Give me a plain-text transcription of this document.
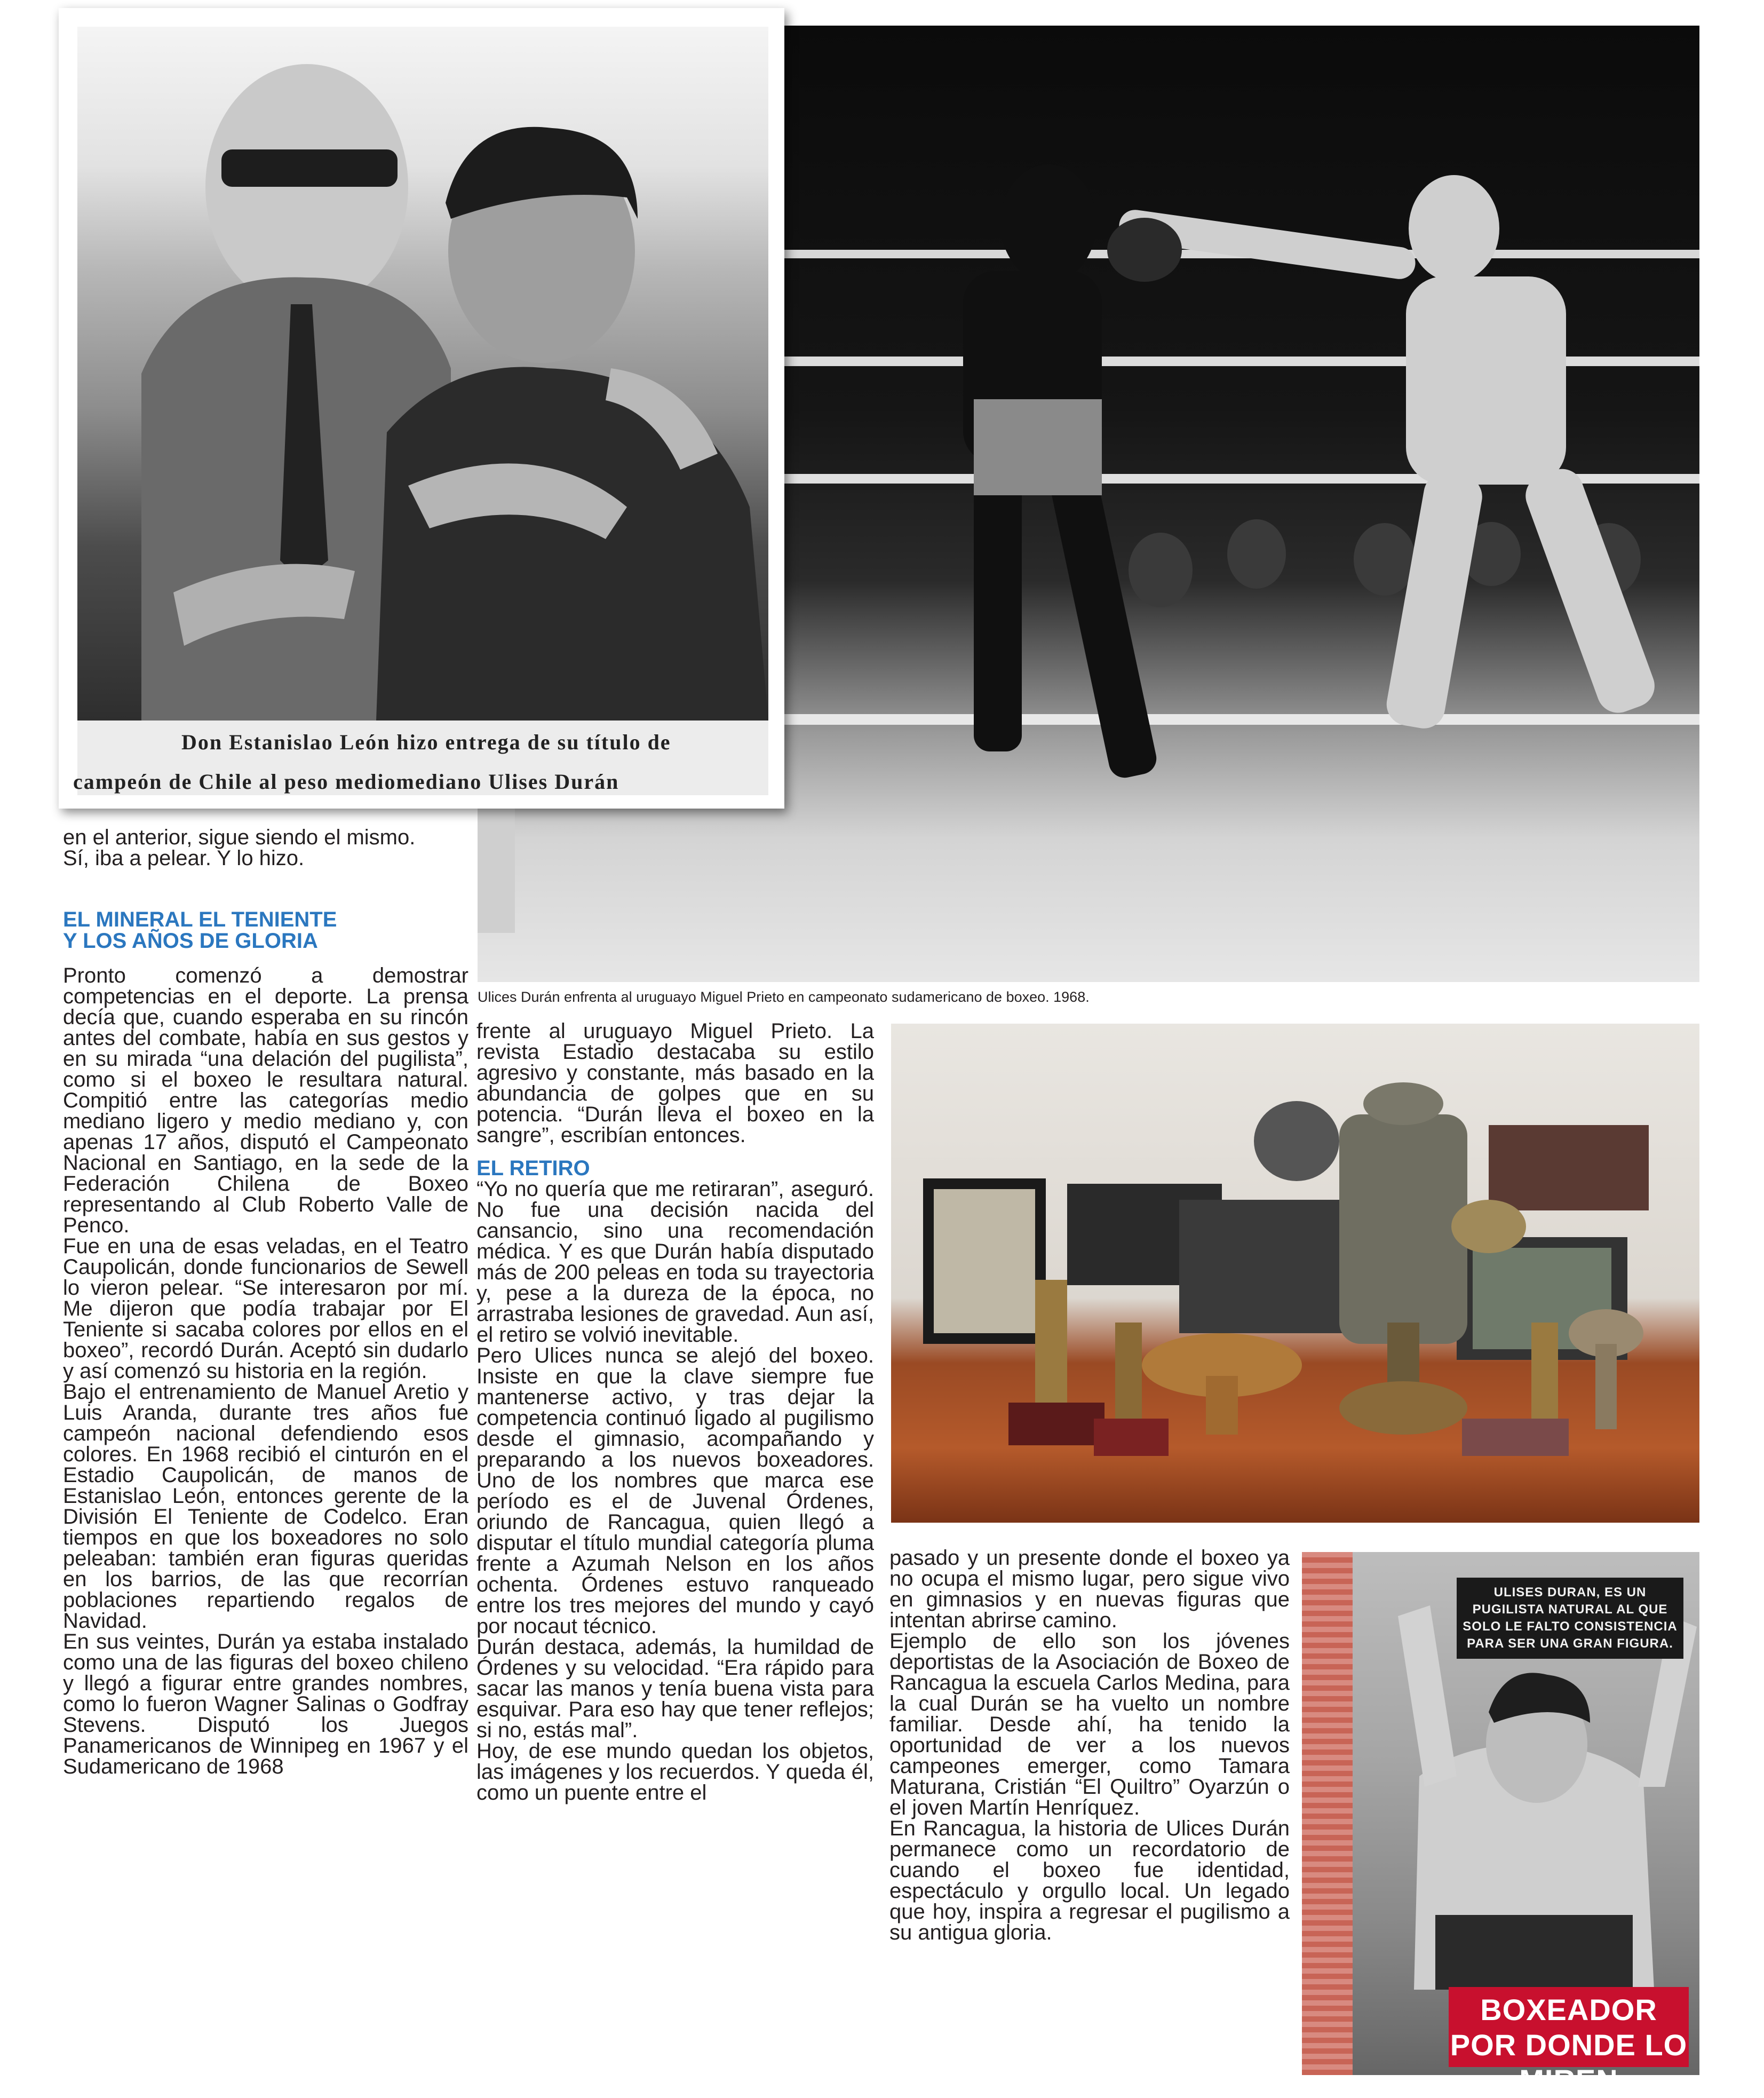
Don Estanislao León hizo entrega de su título de
campeón de Chile al peso mediomediano Ulises Durán
Ulices Durán enfrenta al uruguayo Miguel Prieto en campeonato sudamericano de boxeo. 1968.
ULISES DURAN, ES UN PUGILISTA NATURAL AL QUE SOLO LE FALTO CONSISTENCIA PARA SER UNA GRAN FIGURA.
BOXEADOR POR DONDE LO MIREN

en el anterior, sigue siendo el mismo.

Sí, iba a pelear. Y lo hizo.

EL MINERAL EL TENIENTE

Y LOS AÑOS DE GLORIA

Pronto comenzó a demostrar competencias en el deporte. La prensa decía que, cuando esperaba en su rincón antes del combate, había en sus gestos y en su mirada “una delación del pugilista”, como si el boxeo le resultara natural. Compitió entre las categorías medio mediano ligero y medio mediano y, con apenas 17 años, disputó el Campeonato Nacional en Santiago, en la sede de la Federación Chilena de Boxeo representando al Club Roberto Valle de Penco.

Fue en una de esas veladas, en el Teatro Caupolicán, donde funcionarios de Sewell lo vieron pelear. “Se interesaron por mí. Me dijeron que podía trabajar por El Teniente si sacaba colores por ellos en el boxeo”, recordó Durán. Aceptó sin dudarlo y así comenzó su historia en la región.

Bajo el entrenamiento de Manuel Aretio y Luis Aranda, durante tres años fue campeón nacional defendiendo esos colores. En 1968 recibió el cinturón en el Estadio Caupolicán, de manos de Estanislao León, entonces gerente de la División El Teniente de Codelco. Eran tiempos en que los boxeadores no solo peleaban: también eran figuras queridas en los barrios, de las que recorrían poblaciones repartiendo regalos de Navidad.

En sus veintes, Durán ya estaba instalado como una de las figuras del boxeo chileno y llegó a figurar entre grandes nombres, como lo fueron Wagner Salinas o Godfray Stevens. Disputó los Juegos Panamericanos de Winnipeg en 1967 y el Sudamericano de 1968

frente al uruguayo Miguel Prieto. La revista Estadio destacaba su estilo agresivo y constante, más basado en la abundancia de golpes que en su potencia. “Durán lleva el boxeo en la sangre”, escribían entonces.

EL RETIRO

“Yo no quería que me retiraran”, aseguró. No fue una decisión nacida del cansancio, sino una recomendación médica. Y es que Durán había disputado más de 200 peleas en toda su trayectoria y, pese a la dureza de la época, no arrastraba lesiones de gravedad. Aun así, el retiro se volvió inevitable.

Pero Ulices nunca se alejó del boxeo. Insiste en que la clave siempre fue mantenerse activo, y tras dejar la competencia continuó ligado al pugilismo desde el gimnasio, acompañando y preparando a los nuevos boxeadores. Uno de los nombres que marca ese período es el de Juvenal Órdenes, oriundo de Rancagua, quien llegó a disputar el título mundial categoría pluma frente a Azumah Nelson en los años ochenta. Órdenes estuvo ranqueado entre los tres mejores del mundo y cayó por nocaut técnico.

Durán destaca, además, la humildad de Órdenes y su velocidad. “Era rápido para sacar las manos y tenía buena vista para esquivar. Para eso hay que tener reflejos; si no, estás mal”.

Hoy, de ese mundo quedan los objetos, las imágenes y los recuerdos. Y queda él, como un puente entre el

pasado y un presente donde el boxeo ya no ocupa el mismo lugar, pero sigue vivo en gimnasios y en nuevas figuras que intentan abrirse camino.

Ejemplo de ello son los jóvenes deportistas de la Asociación de Boxeo de Rancagua la escuela Carlos Medina, para la cual Durán se ha vuelto un nombre familiar. Desde ahí, ha tenido la oportunidad de ver a los nuevos campeones emerger, como Tamara Maturana, Cristián “El Quiltro” Oyarzún o el joven Martín Henríquez.

En Rancagua, la historia de Ulices Durán permanece como un recordatorio de cuando el boxeo fue identidad, espectáculo y orgullo local. Un legado que hoy, inspira a regresar el pugilismo a su antigua gloria.
